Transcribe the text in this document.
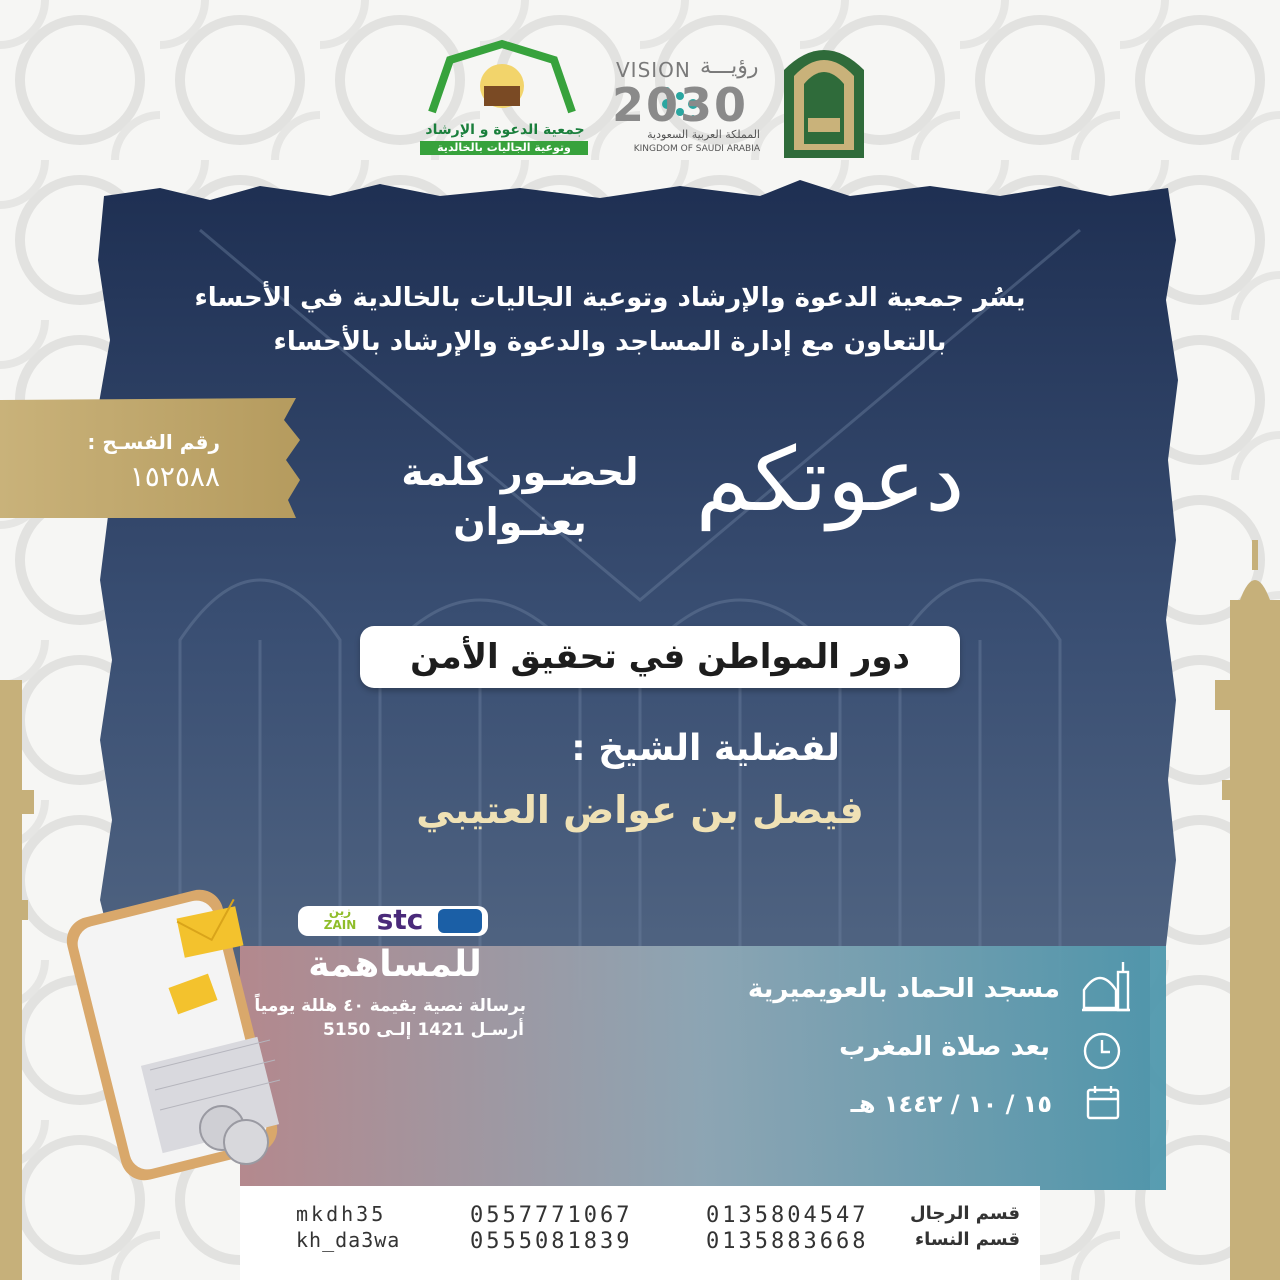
جمعية الدعوة و الإرشاد
وتوعية الجاليات بالخالدية
VISION رؤيـــة
2030
المملكة العربية السعودية
KINGDOM OF SAUDI ARABIA
يسُر جمعية الدعوة والإرشاد وتوعية الجاليات بالخالدية في الأحساء
بالتعاون مع إدارة المساجد والدعوة والإرشاد بالأحساء
دعوتكم
لحضـور كلمة
بعنـوان
دور المواطن في تحقيق الأمن
لفضلية الشيخ :
فيصل بن عواض العتيبي
رقم الفسـح :
١٥٢٥٨٨
مسجد الحماد بالعويميرية
بعد صلاة المغرب
١٥ / ١٠ / ١٤٤٢ هـ
زين
ZAIN stc
للمساهمة
برسالة نصية بقيمة ٤٠ هللة يومياً
أرسـل 1421 إلـى 5150
قسم الرجال
قسم النساء
0135804547
0135883668
0557771067
0555081839
mkdh35
kh_da3wa
